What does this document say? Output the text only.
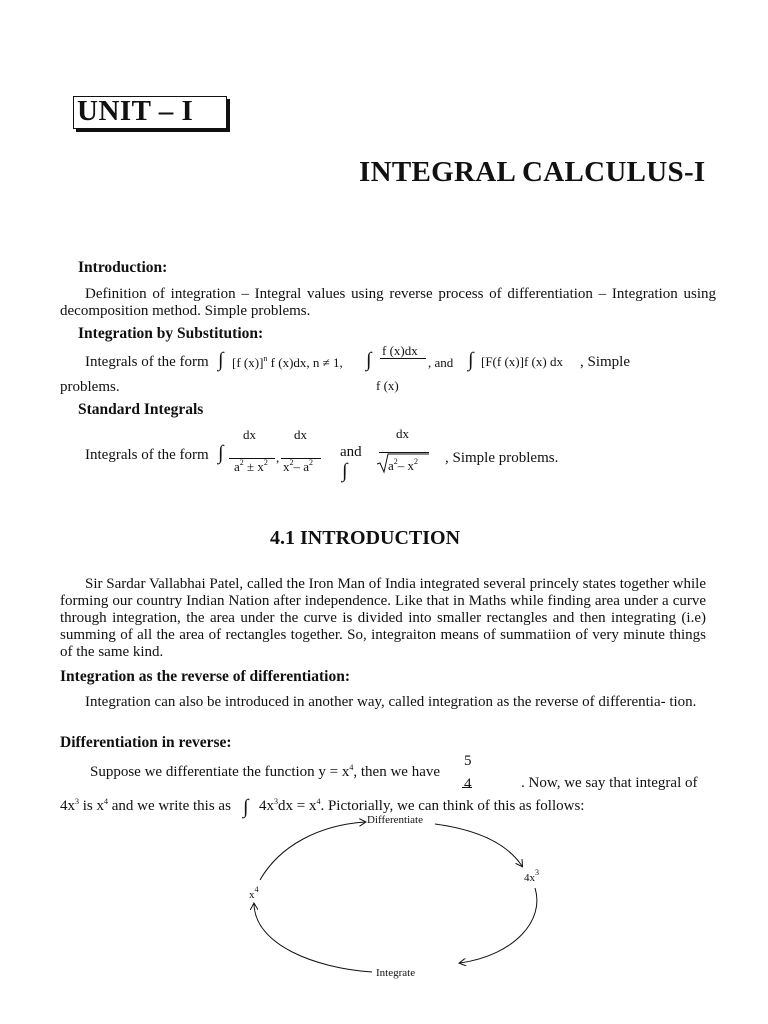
UNIT – I
INTEGRAL CALCULUS-I
Introduction:
Definition of integration – Integral values using reverse process of differentiation – Integration using decomposition method. Simple problems.
Integration by Substitution:
Integrals of the form ∫ [f (x)]$^n$ f (x)dx, n ≠ 1, ∫ f (x)dx
f (x)
, and ∫ [F(f (x)]f (x) dx , Simple
problems.
Standard Integrals
Integrals of the form ∫
dx
$a^2 \pm x^2$ ,
dx
$x^2-$ $a^2$
and
∫
dx
$a^2-$ $x^2$ , Simple problems.
4.1 INTRODUCTION
Sir Sardar Vallabhai Patel, called the Iron Man of India integrated several princely states together while forming our country Indian Nation after independence. Like that in Maths while finding area under a curve through integration, the area under the curve is divided into smaller rectangles and then integrating (i.e) summing of all the area of rectangles together. So, integraiton means of summatiion of very minute things of the same kind.
Integration as the reverse of differentiation:
Integration can also be introduced in another way, called integration as the reverse of differentia- tion.
Differentiation in reverse:
Suppose we differentiate the function $y = x^4$, then we have
5
4	. Now, we say that integral of
$4x^3$ is $x^4$ and we write this as ∫ $4x^3dx = x^4$. Pictorially, we can think of this as follows:
Differentiate
$4x^3$
$x^4$
Integrate
